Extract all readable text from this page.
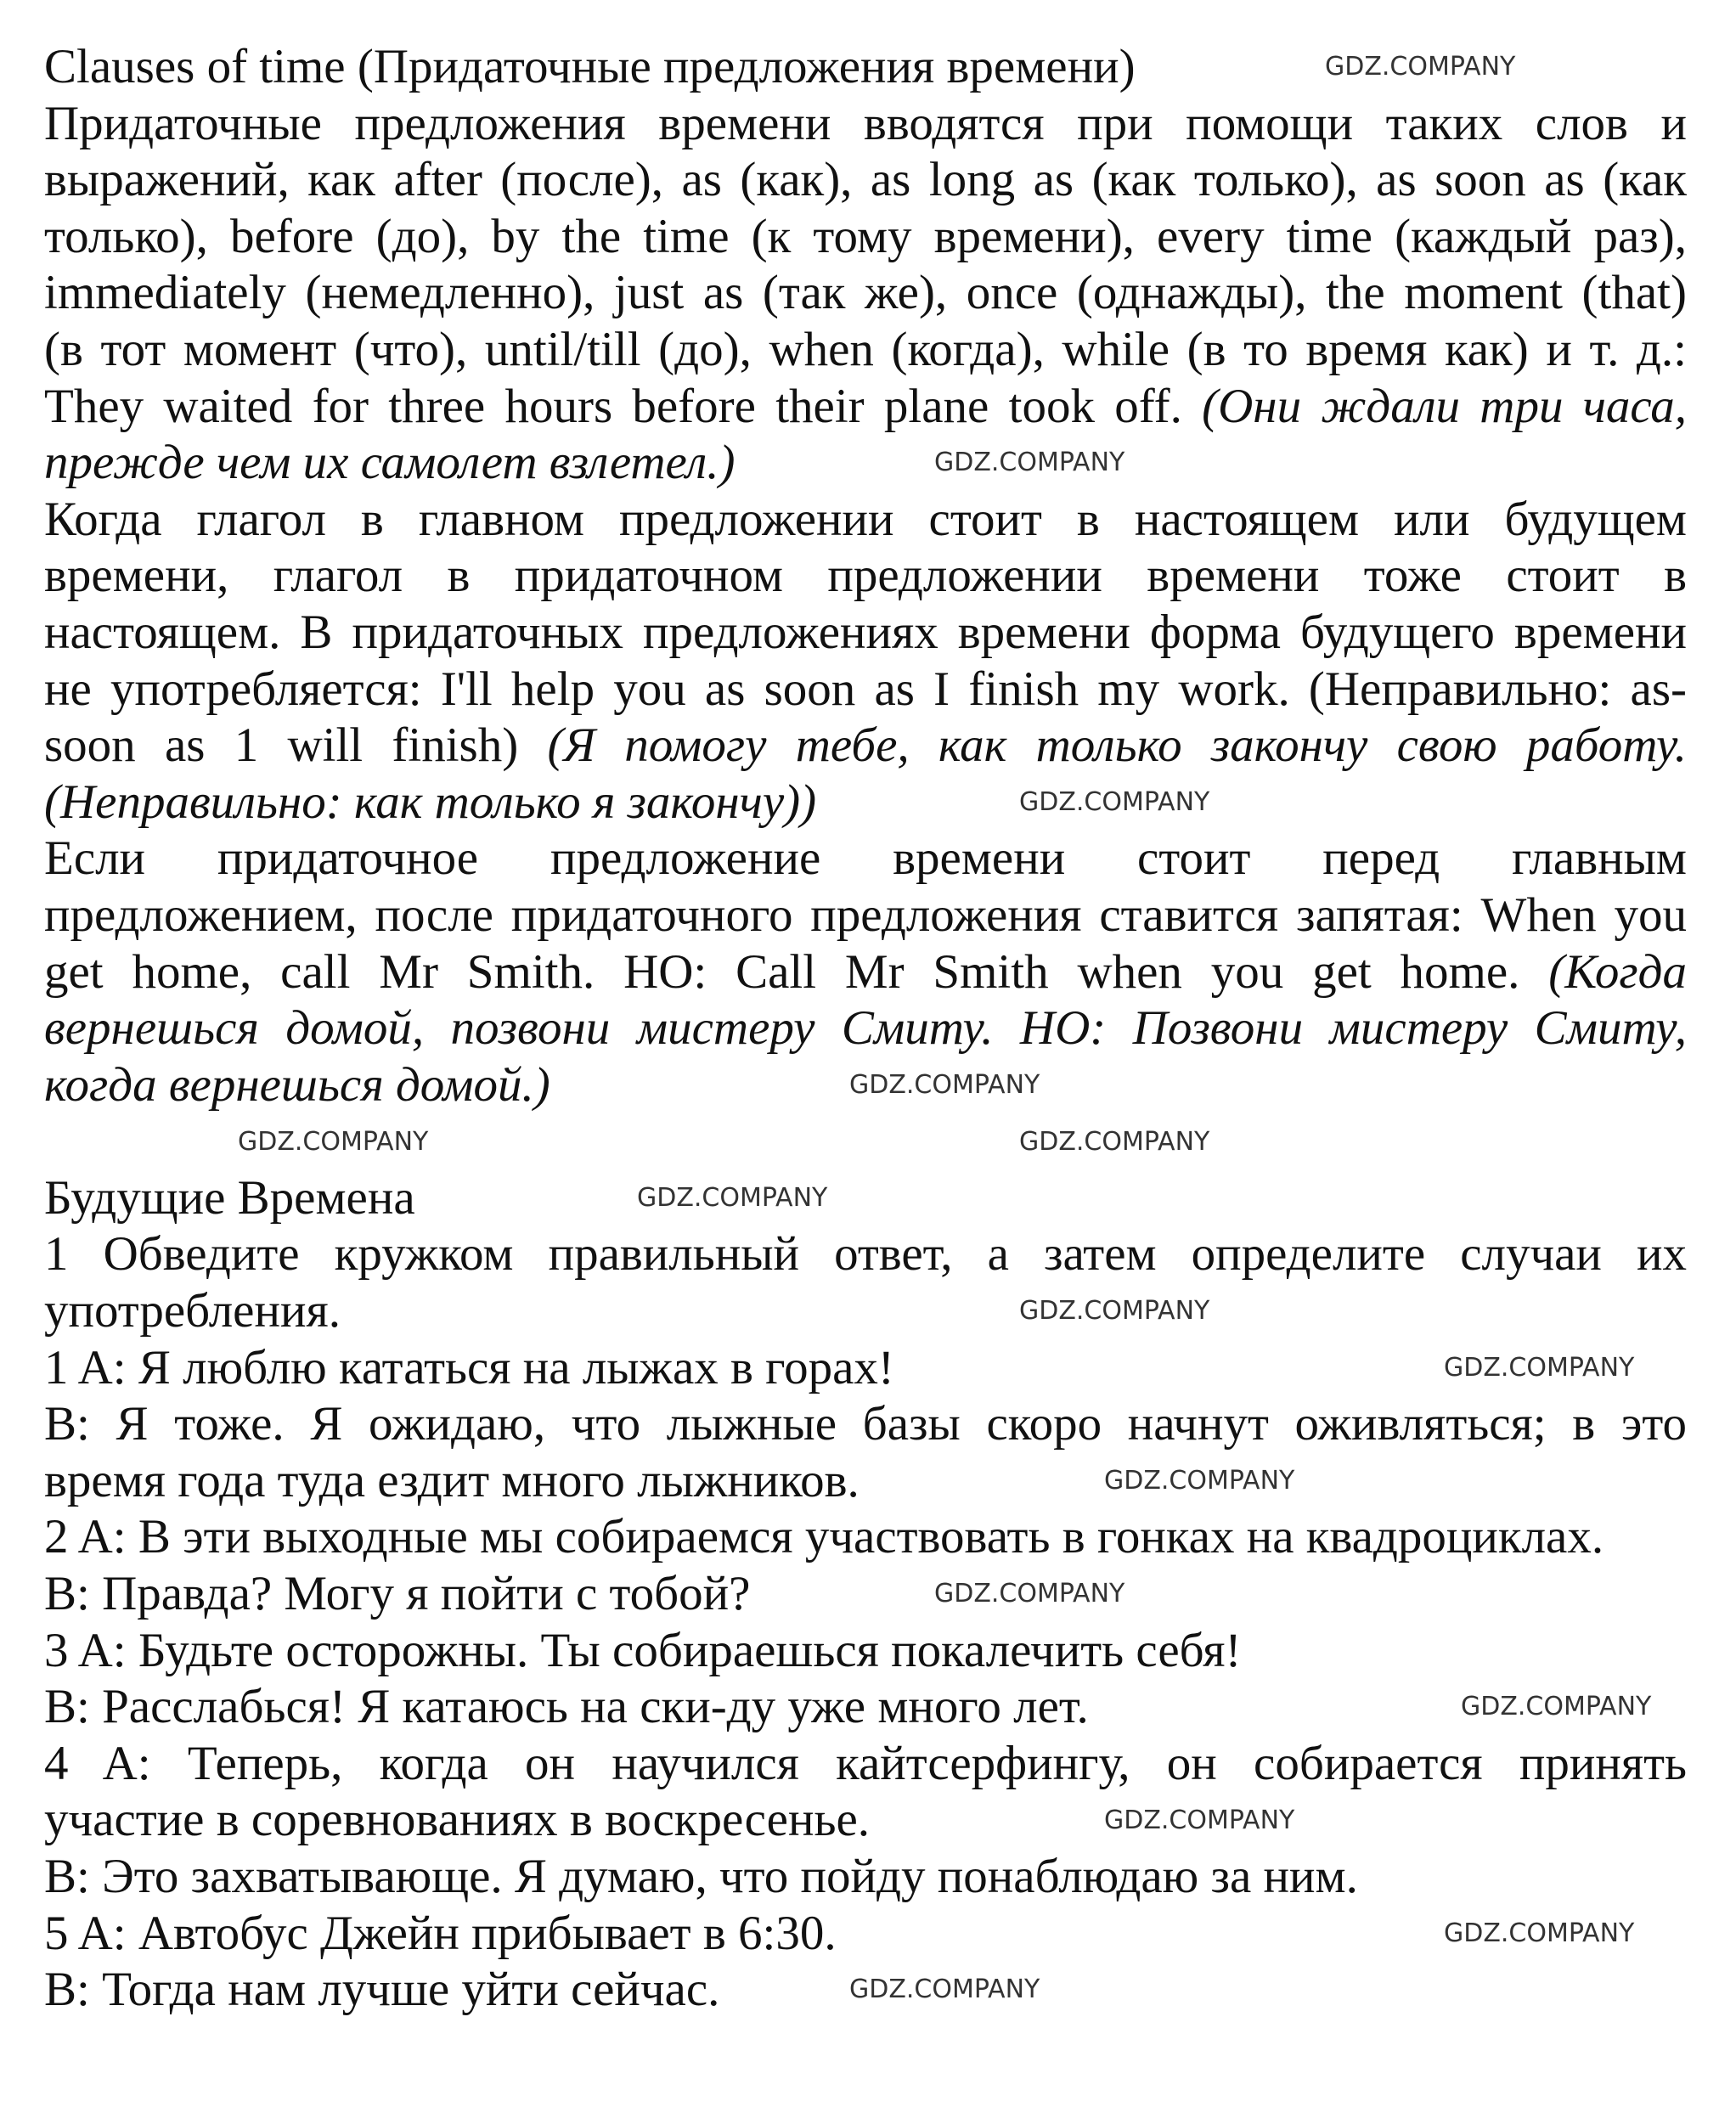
Clauses of time (Придаточные предложения времени)
Придаточные предложения времени вводятся при помощи таких слов и
выражений, как after (после), as (как), as long as (как только), as soon as (как
только), before (до), by the time (к тому времени), every time (каждый раз),
immediately (немедленно), just as (так же), once (однажды), the moment (that)
(в тот момент (что), until/till (до), when (когда), while (в то время как) и т. д.:
They waited for three hours before their plane took off. (Они ждали три часа,
прежде чем их самолет взлетел.)
Когда глагол в главном предложении стоит в настоящем или будущем
времени, глагол в придаточном предложении времени тоже стоит в
настоящем. В придаточных предложениях времени форма будущего времени
не употребляется: I'll help you as soon as I finish my work. (Неправильно: as-
soon as 1 will finish) (Я помогу тебе, как только закончу свою работу.
(Неправильно: как только я закончу))
Если придаточное предложение времени стоит перед главным
предложением, после придаточного предложения ставится запятая: When you
get home, call Mr Smith. НО: Call Mr Smith when you get home. (Когда
вернешься домой, позвони мистеру Смиту. НО: Позвони мистеру Смиту,
когда вернешься домой.)
Будущие Времена
1 Обведите кружком правильный ответ, а затем определите случаи их
употребления.
1 A: Я люблю кататься на лыжах в горах!
B: Я тоже. Я ожидаю, что лыжные базы скоро начнут оживляться; в это
время года туда ездит много лыжников.
2 A: В эти выходные мы собираемся участвовать в гонках на квадроциклах.
B: Правда? Могу я пойти с тобой?
3 A: Будьте осторожны. Ты собираешься покалечить себя!
B: Расслабься! Я катаюсь на ски-ду уже много лет.
4 A: Теперь, когда он научился кайтсерфингу, он собирается принять
участие в соревнованиях в воскресенье.
B: Это захватывающе. Я думаю, что пойду понаблюдаю за ним.
5 A: Автобус Джейн прибывает в 6:30.
B: Тогда нам лучше уйти сейчас.
GDZ.COMPANY
GDZ.COMPANY
GDZ.COMPANY
GDZ.COMPANY
GDZ.COMPANY	GDZ.COMPANY
GDZ.COMPANY
GDZ.COMPANY
GDZ.COMPANY
GDZ.COMPANY
GDZ.COMPANY
GDZ.COMPANY
GDZ.COMPANY
GDZ.COMPANY
GDZ.COMPANY
